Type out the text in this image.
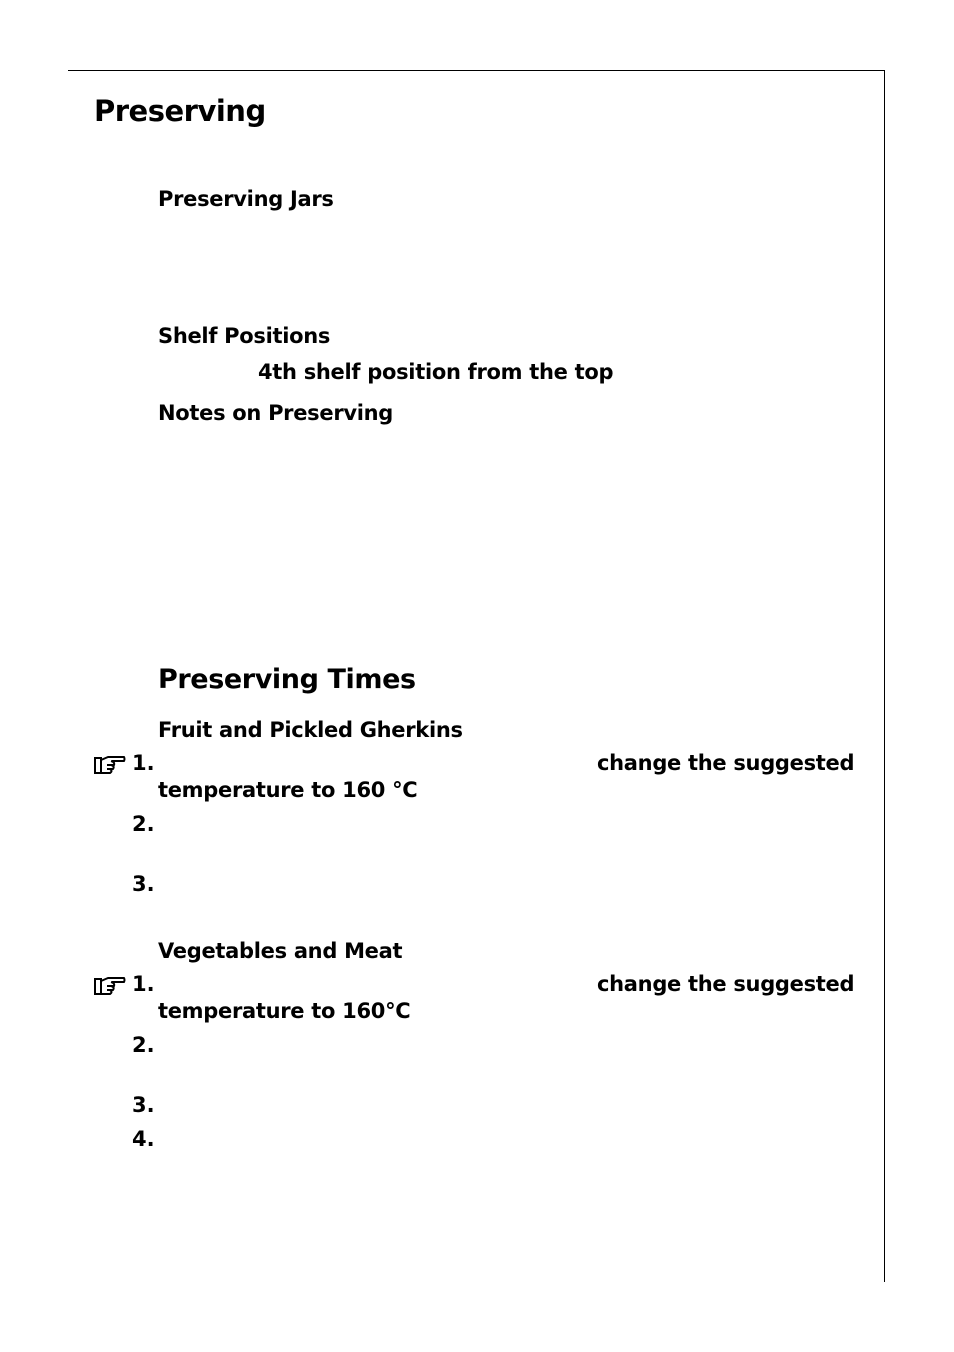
Preserving
Preserving Jars
Shelf Positions
4th shelf position from the top
Notes on Preserving
Preserving Times
Fruit and Pickled Gherkins
1.	change the suggested
temperature to 160 °C
2.
3.
Vegetables and Meat
1.	change the suggested
temperature to 160°C
2.
3.
4.
